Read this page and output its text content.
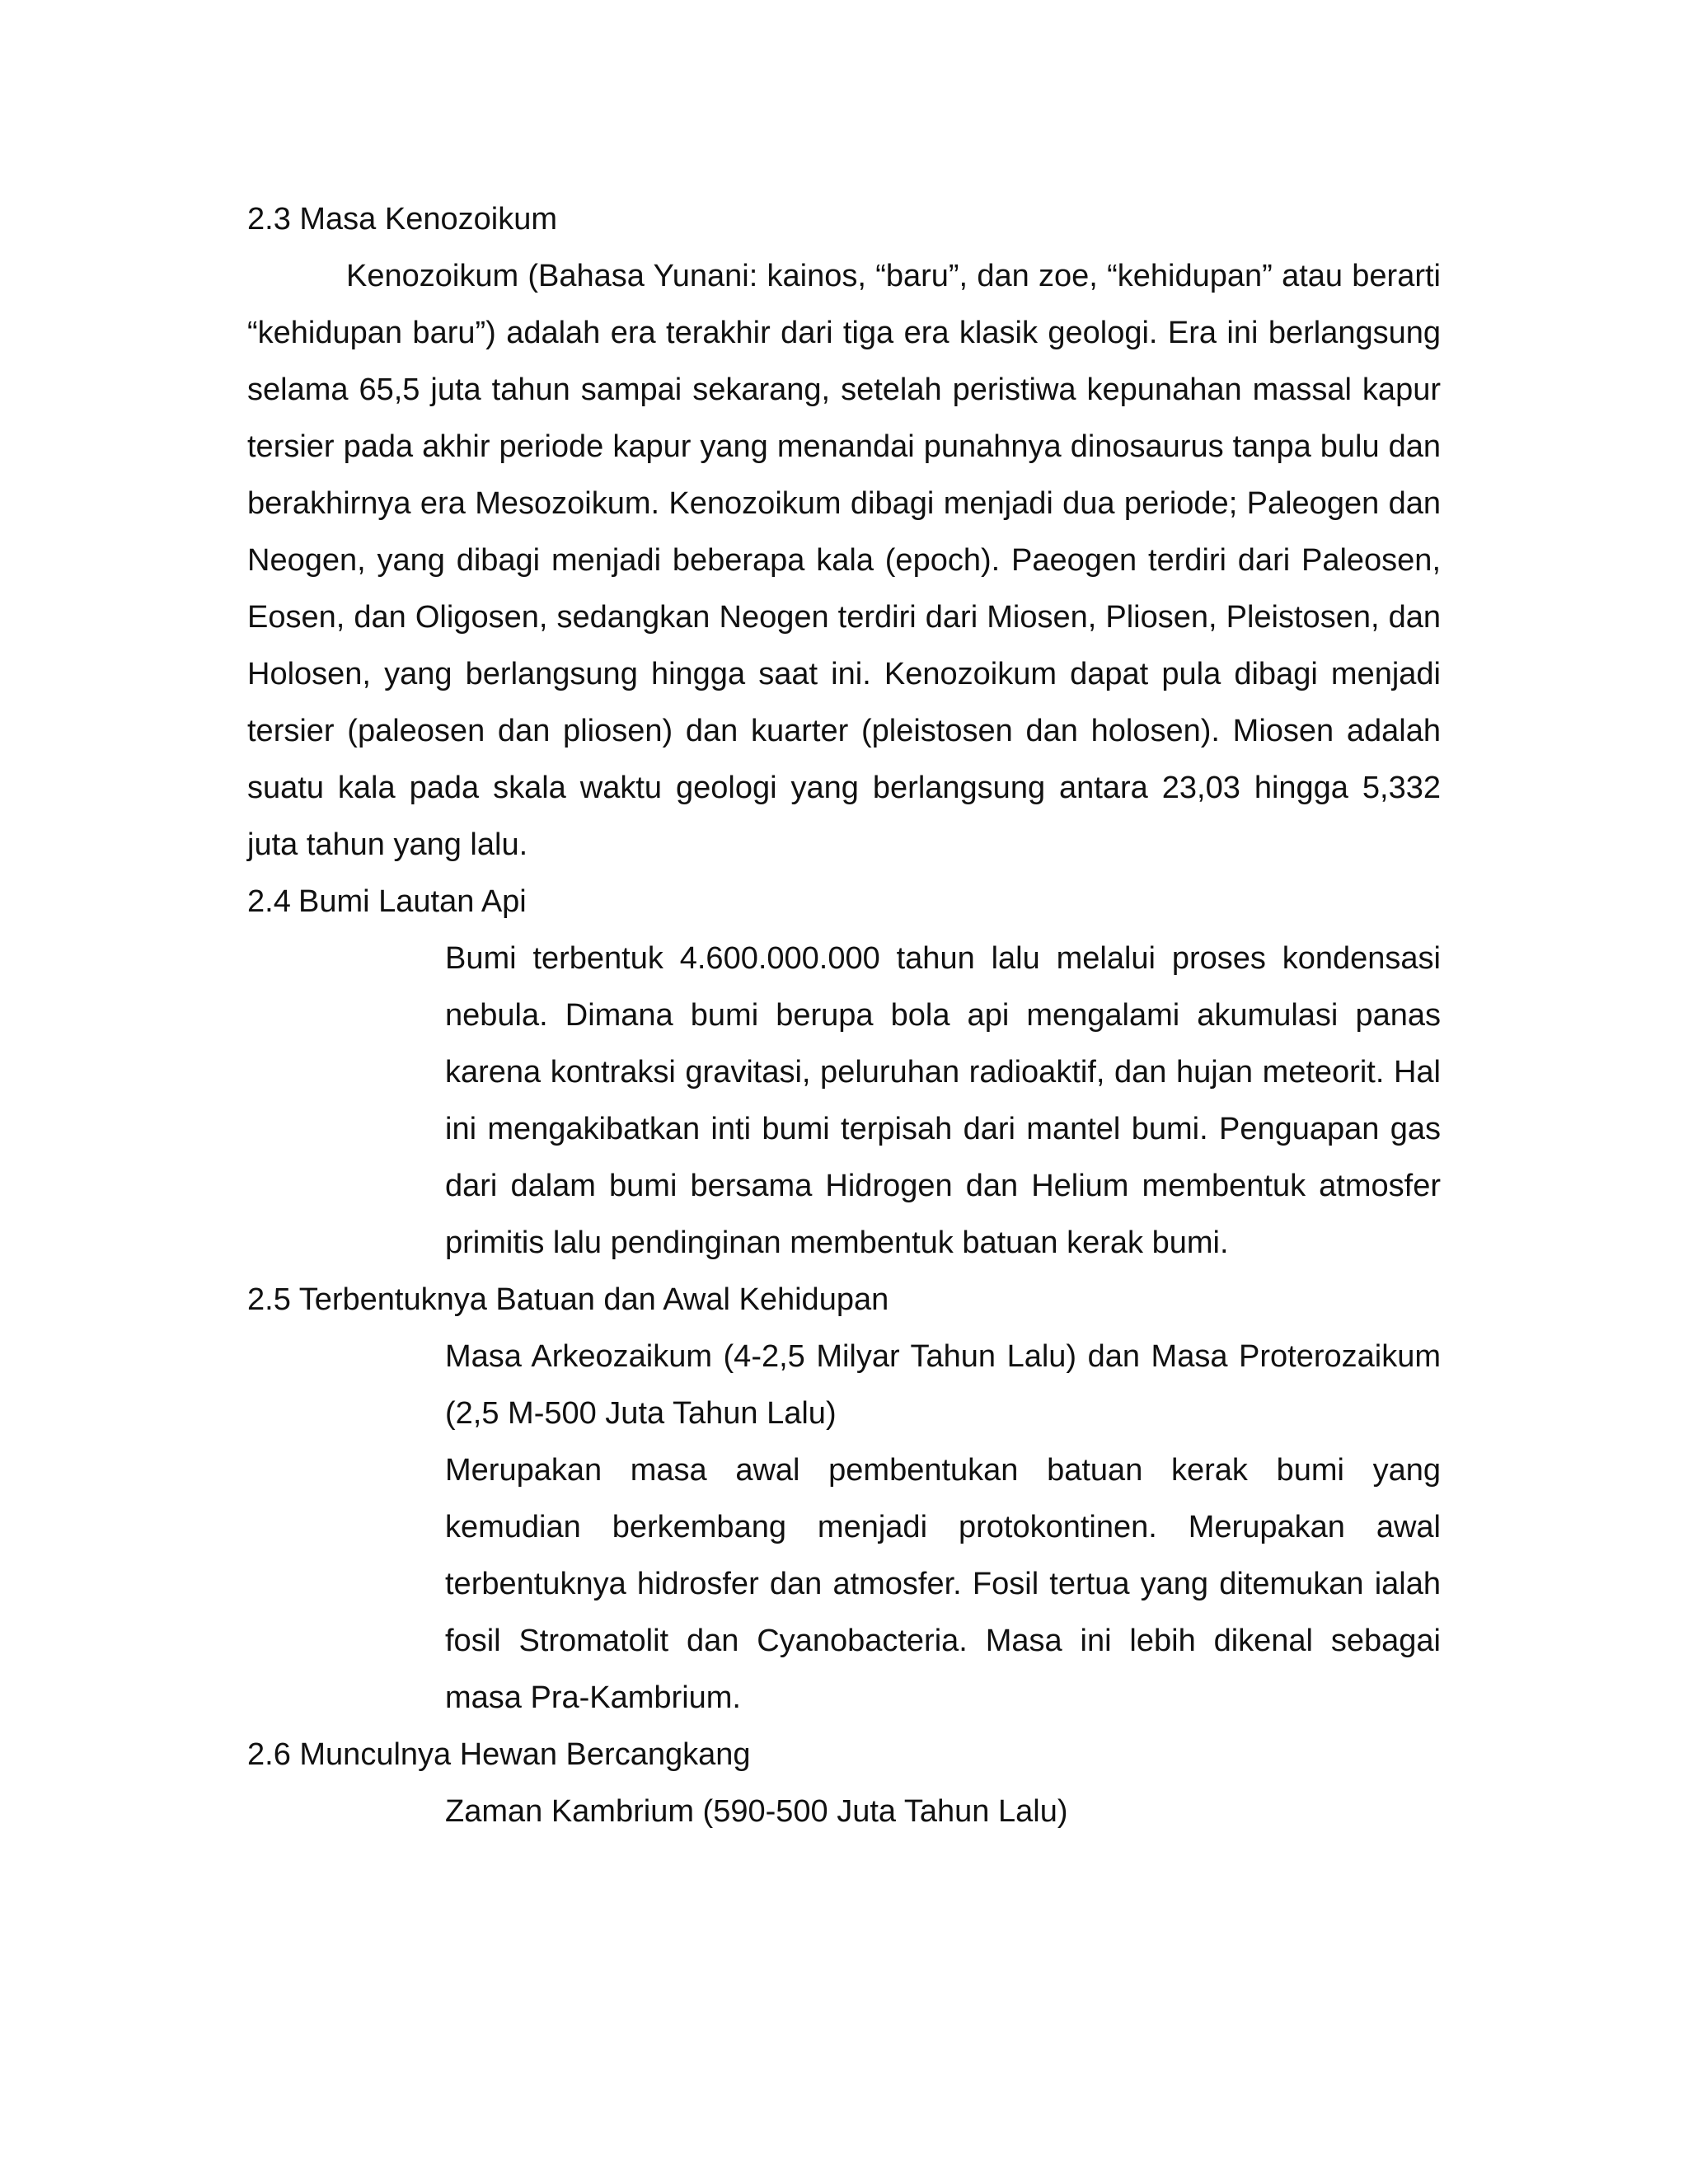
2.3 Masa Kenozoikum

Kenozoikum (Bahasa Yunani: kainos, “baru”, dan zoe, “kehidupan” atau berarti “kehidupan baru”) adalah era terakhir dari tiga era klasik geologi. Era ini berlangsung selama 65,5 juta tahun sampai sekarang, setelah peristiwa kepunahan massal kapur tersier pada akhir periode kapur yang menandai punahnya dinosaurus tanpa bulu dan berakhirnya era Mesozoikum. Kenozoikum dibagi menjadi dua periode; Paleogen dan Neogen, yang dibagi menjadi beberapa kala (epoch). Paeogen terdiri dari Paleosen, Eosen, dan Oligosen, sedangkan Neogen terdiri dari Miosen, Pliosen, Pleistosen, dan Holosen, yang berlangsung hingga saat ini. Kenozoikum dapat pula dibagi menjadi tersier (paleosen dan pliosen) dan kuarter (pleistosen dan holosen). Miosen adalah suatu kala pada skala waktu geologi yang berlangsung antara 23,03 hingga 5,332 juta tahun yang lalu.

2.4 Bumi Lautan Api

Bumi terbentuk 4.600.000.000 tahun lalu melalui proses kondensasi nebula. Dimana bumi berupa bola api mengalami akumulasi panas karena kontraksi gravitasi, peluruhan radioaktif, dan hujan meteorit. Hal ini mengakibatkan inti bumi terpisah dari mantel bumi. Penguapan gas dari dalam bumi bersama Hidrogen dan Helium membentuk atmosfer primitis lalu pendinginan membentuk batuan kerak bumi.

2.5 Terbentuknya Batuan dan Awal Kehidupan

Masa Arkeozaikum (4-2,5 Milyar Tahun Lalu) dan Masa Proterozaikum (2,5 M-500 Juta Tahun Lalu)

Merupakan masa awal pembentukan batuan kerak bumi yang kemudian berkembang menjadi protokontinen. Merupakan awal terbentuknya hidrosfer dan atmosfer. Fosil tertua yang ditemukan ialah fosil Stromatolit dan Cyanobacteria. Masa ini lebih dikenal sebagai masa Pra-Kambrium.

2.6 Munculnya Hewan Bercangkang

Zaman Kambrium (590-500 Juta Tahun Lalu)
